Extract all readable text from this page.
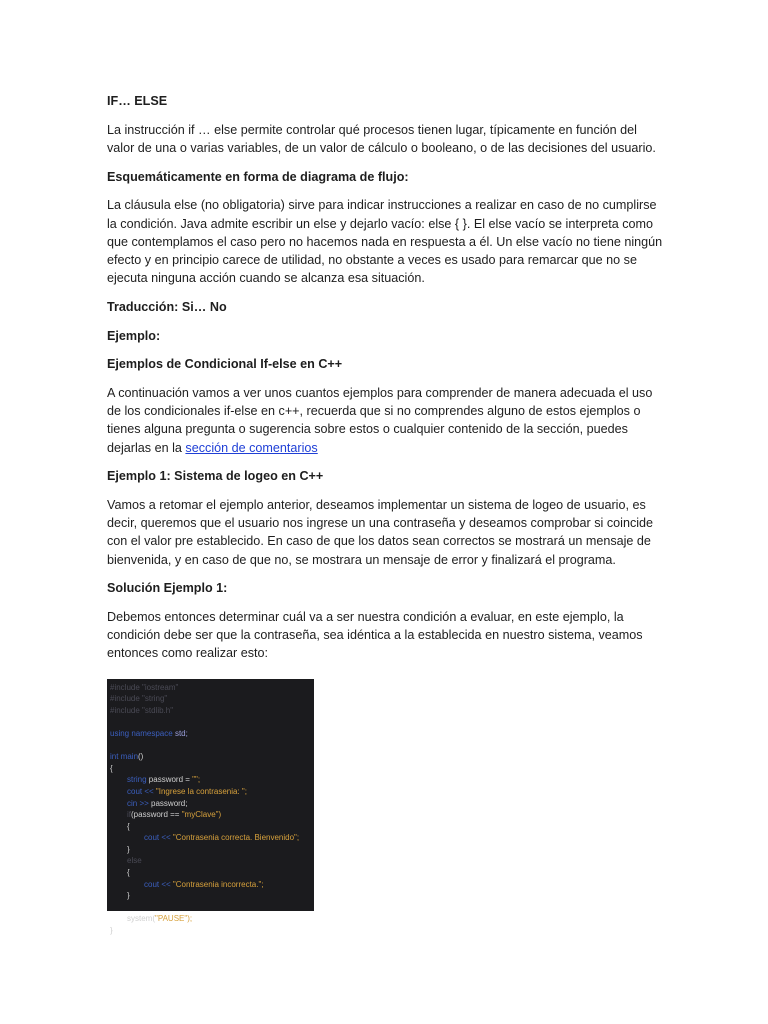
IF… ELSE

La instrucción if … else permite controlar qué procesos tienen lugar, típicamente en función del valor de una o varias variables, de un valor de cálculo o booleano, o de las decisiones del usuario.

Esquemáticamente en forma de diagrama de flujo:

La cláusula else (no obligatoria) sirve para indicar instrucciones a realizar en caso de no cumplirse la condición. Java admite escribir un else y dejarlo vacío: else { }. El else vacío se interpreta como que contemplamos el caso pero no hacemos nada en respuesta a él. Un else vacío no tiene ningún efecto y en principio carece de utilidad, no obstante a veces es usado para remarcar que no se ejecuta ninguna acción cuando se alcanza esa situación.

Traducción: Si… No

Ejemplo:

Ejemplos de Condicional If-else en C++

A continuación vamos a ver unos cuantos ejemplos para comprender de manera adecuada el uso de los condicionales if-else en c++, recuerda que si no comprendes alguno de estos ejemplos o tienes alguna pregunta o sugerencia sobre estos o cualquier contenido de la sección, puedes dejarlas en la sección de comentarios

Ejemplo 1: Sistema de logeo en C++

Vamos a retomar el ejemplo anterior, deseamos implementar un sistema de logeo de usuario, es decir, queremos que el usuario nos ingrese un una contraseña y deseamos comprobar si coincide con el valor pre establecido. En caso de que los datos sean correctos se mostrará un mensaje de bienvenida, y en caso de que no, se mostrara un mensaje de error y finalizará el programa.

Solución Ejemplo 1:

Debemos entonces determinar cuál va a ser nuestra condición a evaluar, en este ejemplo, la condición debe ser que la contraseña, sea idéntica a la establecida en nuestro sistema, veamos entonces como realizar esto:

#include "iostream"
#include "string"
#include "stdlib.h"
using namespace std;
int main()
{
string password = "";
cout << "Ingrese la contrasenia: ";
cin >> password;
if(password == "myClave")
{
cout << "Contrasenia correcta. Bienvenido";
}
else
{
cout << "Contrasenia incorrecta.";
}
system("PAUSE");
}
